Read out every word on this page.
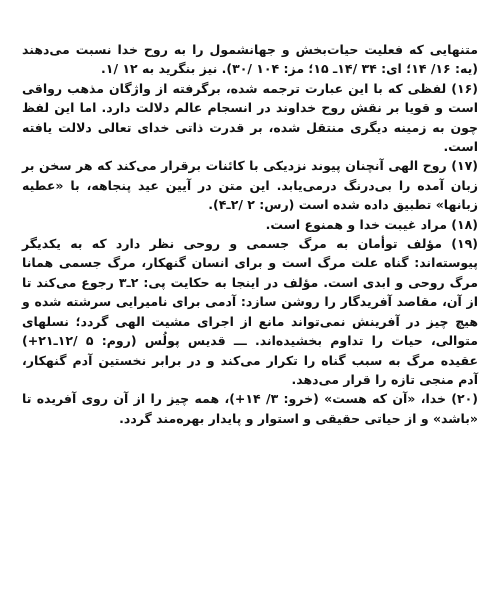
متنهایی که فعلیت حیات‌بخش و جهانشمول را به روح خدا نسبت می‌دهند (یه: ۱۶/ ۱۴؛ ای: ۳۴ /۱۴ـ ۱۵؛ مز: ۱۰۴ /۳۰). نیز بنگرید به ۱۲ /۱.

(۱۶) لفظی که با این عبارت ترجمه شده، برگرفته از واژگان مذهب رواقی است و قویا بر نقش روح خداوند در انسجام عالم دلالت دارد. اما این لفظ چون به زمینه دیگری منتقل شده، بر قدرت ذاتی خدای تعالی دلالت یافته است.

(۱۷) روح الهی آنچنان پیوند نزدیکی با کائنات برقرار می‌کند که هر سخن بر زبان آمده را بی‌درنگ درمی‌یابد. این متن در آیین عید پنجاهه، با «عطیه زبانها» تطبیق داده شده است (رس: ۲ /۲ـ۴).

(۱۸) مراد غیبت خدا و همنوع است.

(۱۹) مؤلف توأمان به مرگ جسمی و روحی نظر دارد که به یکدیگر پیوسته‌اند: گناه علت مرگ است و برای انسان گنهکار، مرگ جسمی همانا مرگ روحی و ابدی است. مؤلف در اینجا به حکایت پی: ۲ـ۳ رجوع می‌کند تا از آن، مقاصد آفریدگار را روشن سازد: آدمی برای نامیرایی سرشته شده و هیچ چیز در آفرینش نمی‌تواند مانع از اجرای مشیت الهی گردد؛ نسلهای متوالی، حیات را تداوم بخشیده‌اند. ـــ قدیس پولُس (روم: ۵ /۱۲ـ۲۱+) عقیده مرگ به سبب گناه را تکرار می‌کند و در برابر نخستین آدم گنهکار، آدم منجی تازه را قرار می‌دهد.

(۲۰) خدا، «آن که هست» (خرو: ۳/ ۱۴+)، همه چیز را از آن روی آفریده تا «باشد» و از حیاتی حقیقی و استوار و پایدار بهره‌مند گردد.
